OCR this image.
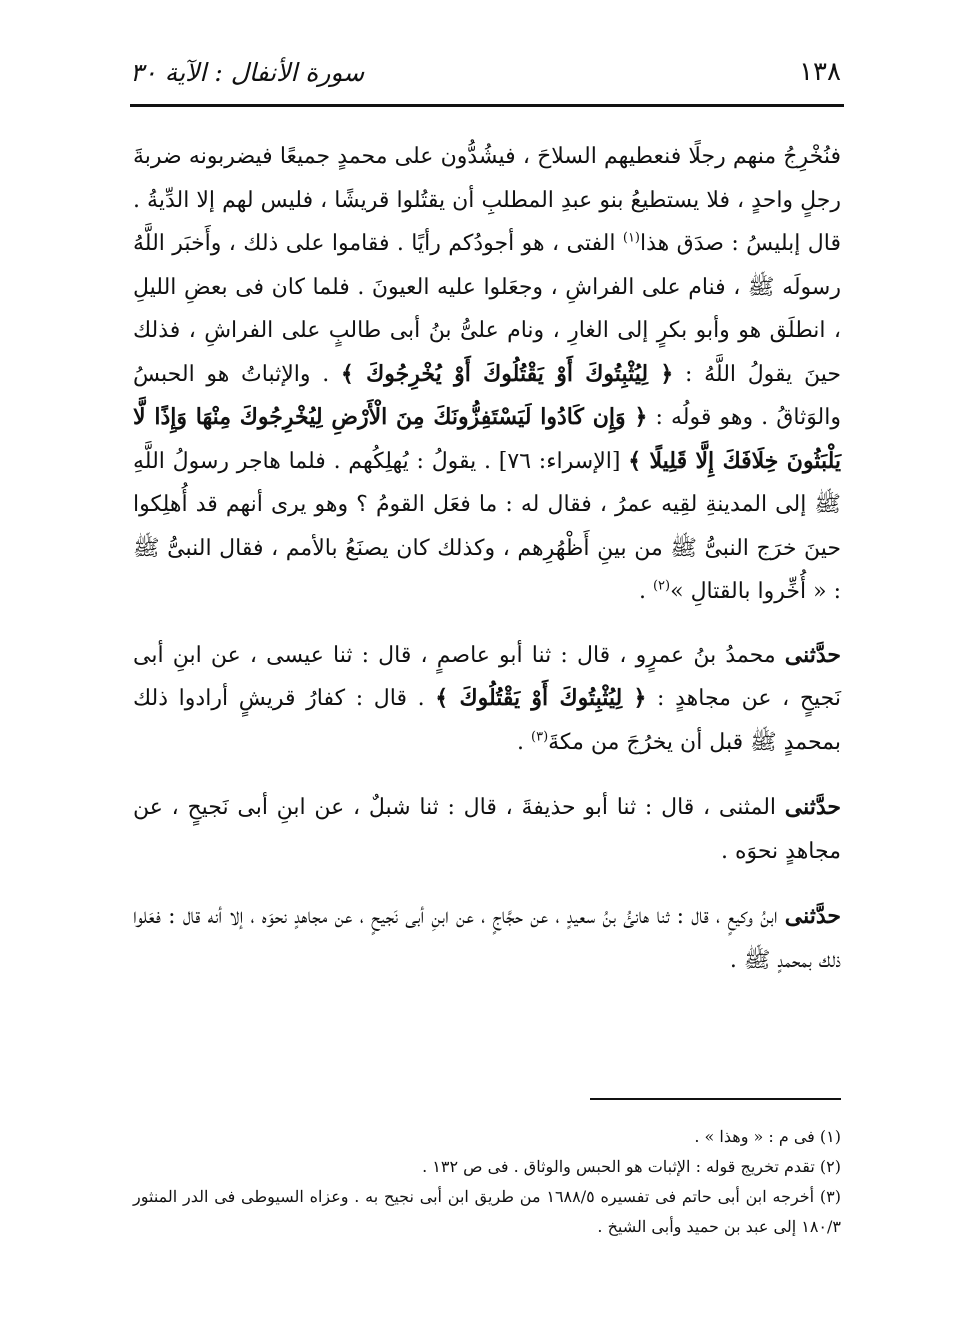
١٣٨
سورة الأنفال : الآية ٣٠

فنُخْرِجُ منهم رجلًا فنعطيهم السلاحَ ، فيشُدُّون على محمدٍ جميعًا فيضربونه ضربةَ رجلٍ واحدٍ ، فلا يستطيعُ بنو عبدِ المطلبِ أن يقتُلوا قريشًا ، فليس لهم إلا الدِّيةُ . قال إبليسُ : صدَق هذا$^{(١)}$ الفتى ، هو أجودُكم رأيًا . فقاموا على ذلك ، وأَخبَر اللَّهُ رسولَه ﷺ ، فنام على الفراشِ ، وجعَلوا عليه العيونَ . فلما كان فى بعضِ الليلِ ، انطلَق هو وأبو بكرٍ إلى الغارِ ، ونام علىُّ بنُ أبى طالبٍ على الفراشِ ، فذلك حينَ يقولُ اللَّهُ : ﴿ لِيُثْبِتُوكَ أَوْ يَقْتُلُوكَ أَوْ يُخْرِجُوكَ ﴾ . والإثباتُ هو الحبسُ والوَثاقُ . وهو قولُه : ﴿ وَإِن كَادُوا لَيَسْتَفِزُّونَكَ مِنَ الْأَرْضِ لِيُخْرِجُوكَ مِنْهَا وَإِذًا لَّا يَلْبَثُونَ خِلَافَكَ إِلَّا قَلِيلًا ﴾ [الإسراء: ٧٦] . يقولُ : يُهلِكُهم . فلما هاجر رسولُ اللَّهِ ﷺ إلى المدينةِ لقِيه عمرُ ، فقال له : ما فعَل القومُ ؟ وهو يرى أنهم قد أُهلِكوا حينَ خرَج النبىُّ ﷺ من بينِ أَظْهُرِهم ، وكذلك كان يصنَعُ بالأمم ، فقال النبىُّ ﷺ : « أُخِّروا بالقتالِ »$^{(٢)}$ .

حدَّثنى محمدُ بنُ عمرٍو ، قال : ثنا أبو عاصمٍ ، قال : ثنا عيسى ، عن ابنِ أبى نَجيحٍ ، عن مجاهدٍ : ﴿ لِيُثْبِتُوكَ أَوْ يَقْتُلُوكَ ﴾ . قال : كفارُ قريشٍ أرادوا ذلك بمحمدٍ ﷺ قبل أن يخرُجَ من مكةَ$^{(٣)}$ .

حدَّثنى المثنى ، قال : ثنا أبو حذيفةَ ، قال : ثنا شبلٌ ، عن ابنِ أبى نَجيحٍ ، عن مجاهدٍ نحوَه .

حدَّثنى ابنُ وكيعٍ ، قال : ثنا هانئُ بنُ سعيدٍ ، عن حجَّاجٍ ، عن ابنِ أبى نَجيحٍ ، عن مجاهدٍ نحوَه ، إلا أنه قال : فعَلوا ذلك بمحمدٍ ﷺ .

(١) فى م : « وهذا » .
(٢) تقدم تخريج قوله : الإثبات هو الحبس والوثاق . فى ص ١٣٢ .
(٣) أخرجه ابن أبى حاتم فى تفسيره ١٦٨٨/٥ من طريق ابن أبى نجيح به . وعزاه السيوطى فى الدر المنثور ١٨٠/٣ إلى عبد بن حميد وأبى الشيخ .
